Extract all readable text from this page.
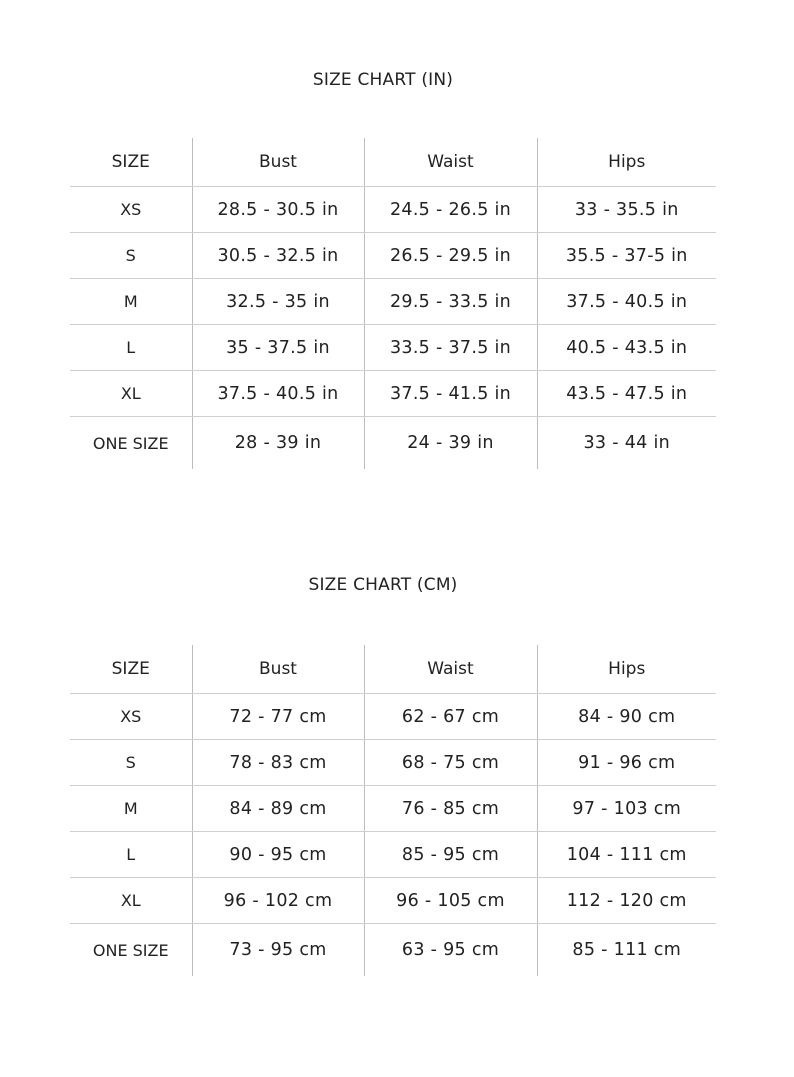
SIZE CHART (IN)
SIZE	Bust	Waist	Hips
XS	28.5 - 30.5 in	24.5 - 26.5 in	33 - 35.5 in
S	30.5 - 32.5 in	26.5 - 29.5 in	35.5 - 37-5 in
M	32.5 - 35 in	29.5 - 33.5 in	37.5 - 40.5 in
L	35 - 37.5 in	33.5 - 37.5 in	40.5 - 43.5 in
XL	37.5 - 40.5 in	37.5 - 41.5 in	43.5 - 47.5 in
ONE SIZE	28 - 39 in	24 - 39 in	33 - 44 in
SIZE CHART (CM)
SIZE	Bust	Waist	Hips
XS	72 - 77 cm	62 - 67 cm	84 - 90 cm
S	78 - 83 cm	68 - 75 cm	91 - 96 cm
M	84 - 89 cm	76 - 85 cm	97 - 103 cm
L	90 - 95 cm	85 - 95 cm	104 - 111 cm
XL	96 - 102 cm	96 - 105 cm	112 - 120 cm
ONE SIZE	73 - 95 cm	63 - 95 cm	85 - 111 cm
